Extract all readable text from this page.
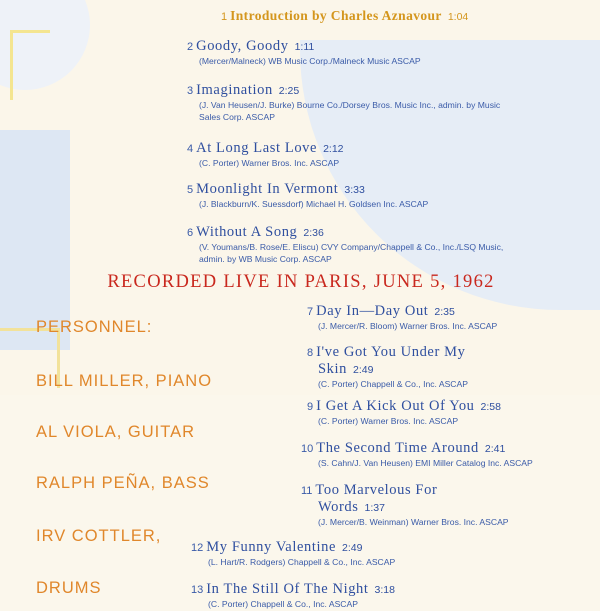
1 Introduction by Charles Aznavour 1:04
2 Goody, Goody 1:11
(Mercer/Malneck) WB Music Corp./Malneck Music ASCAP
3 Imagination 2:25
(J. Van Heusen/J. Burke) Bourne Co./Dorsey Bros. Music Inc., admin. by Music
Sales Corp. ASCAP
4 At Long Last Love 2:12
(C. Porter) Warner Bros. Inc. ASCAP
5 Moonlight In Vermont 3:33
(J. Blackburn/K. Suessdorf) Michael H. Goldsen Inc. ASCAP
6 Without A Song 2:36
(V. Youmans/B. Rose/E. Eliscu) CVY Company/Chappell & Co., Inc./LSQ Music,
admin. by WB Music Corp. ASCAP
RECORDED LIVE IN PARIS, JUNE 5, 1962
PERSONNEL:
BILL MILLER, PIANO
AL VIOLA, GUITAR
RALPH PEÑA, BASS
IRV COTTLER,
DRUMS
7 Day In—Day Out 2:35
(J. Mercer/R. Bloom) Warner Bros. Inc. ASCAP
8 I've Got You Under My
Skin 2:49
(C. Porter) Chappell & Co., Inc. ASCAP
9 I Get A Kick Out Of You 2:58
(C. Porter) Warner Bros. Inc. ASCAP
10 The Second Time Around 2:41
(S. Cahn/J. Van Heusen) EMI Miller Catalog Inc. ASCAP
11 Too Marvelous For
Words 1:37
(J. Mercer/B. Weinman) Warner Bros. Inc. ASCAP
12 My Funny Valentine 2:49
(L. Hart/R. Rodgers) Chappell & Co., Inc. ASCAP
13 In The Still Of The Night 3:18
(C. Porter) Chappell & Co., Inc. ASCAP
